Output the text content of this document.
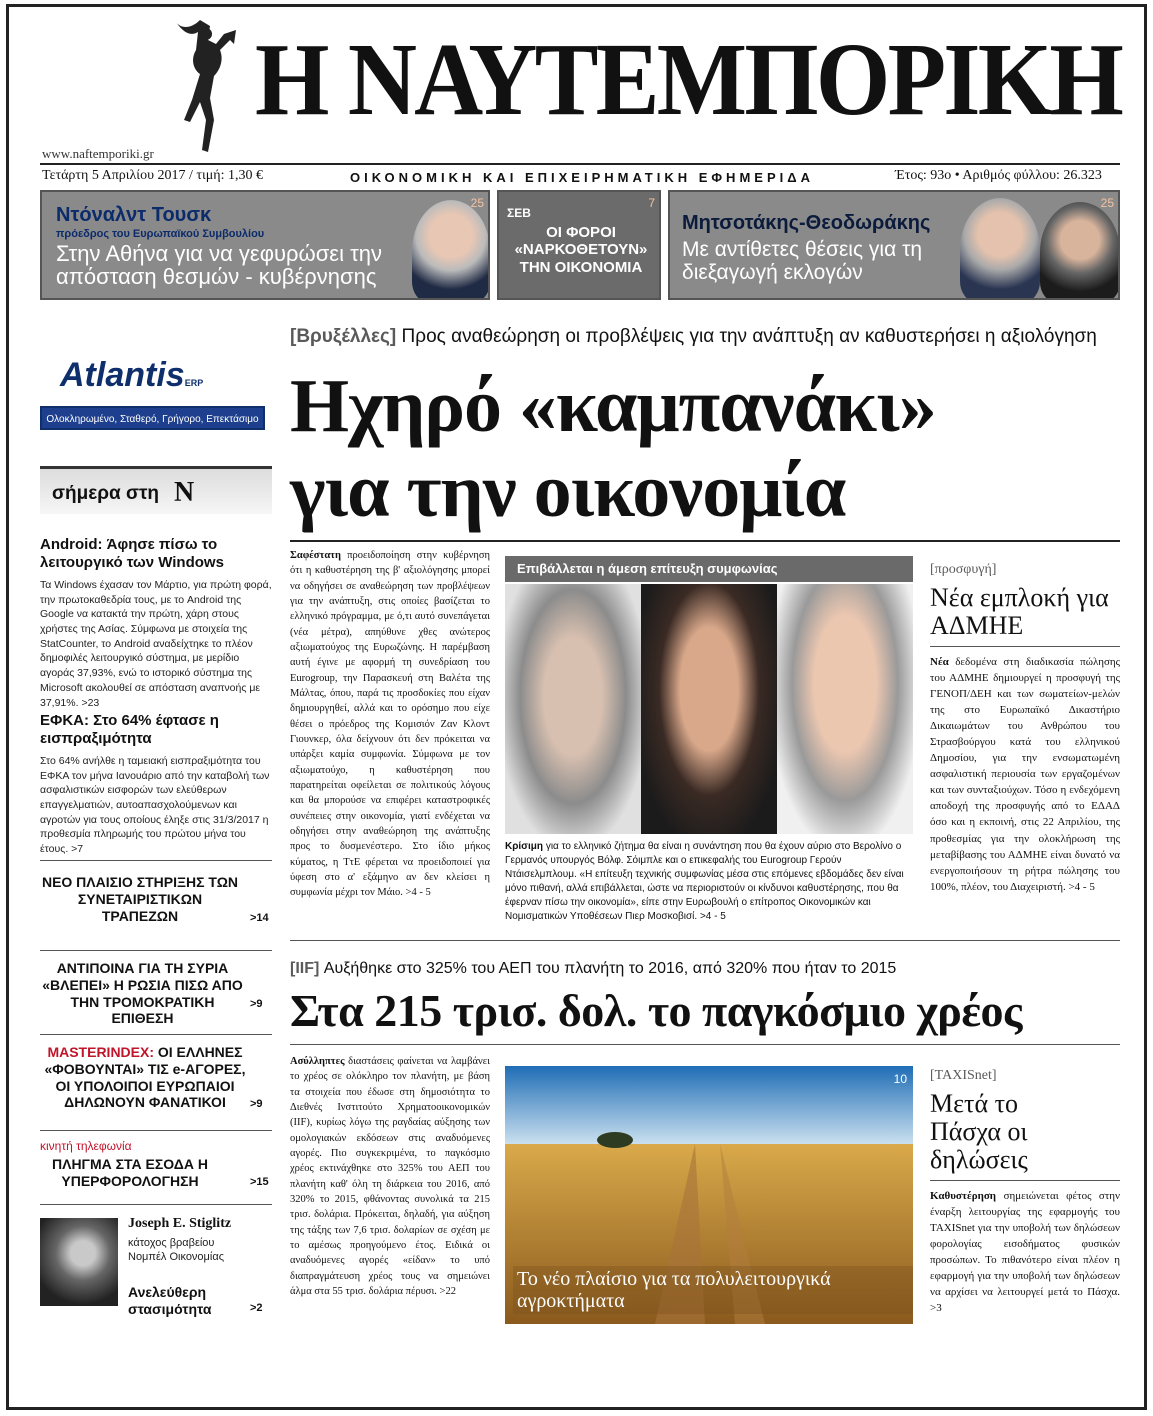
Η ΝΑΥΤΕΜΠΟΡΙΚΗ
www.naftemporiki.gr
Τετάρτη 5 Απριλίου 2017 / τιμή: 1,30 €	ΟΙΚΟΝΟΜΙΚΗ ΚΑΙ ΕΠΙΧΕΙΡΗΜΑΤΙΚΗ ΕΦΗΜΕΡΙΔΑ	Έτος: 93ο • Αριθμός φύλλου: 26.323
Ντόναλντ Τουσκ
πρόεδρος του Ευρωπαϊκού Συμβουλίου
Στην Αθήνα για να γεφυρώσει την απόσταση θεσμών - κυβέρνησης
25
ΣΕΒ
ΟΙ ΦΟΡΟΙ «ΝΑΡΚΟΘΕΤΟΥΝ» ΤΗΝ ΟΙΚΟΝΟΜΙΑ
7
Μητσοτάκης-Θεοδωράκης
Με αντίθετες θέσεις για τη διεξαγωγή εκλογών
25
AtlantisERP
Ολοκληρωμένο, Σταθερό, Γρήγορο, Επεκτάσιμο
σήμερα στη Ν
Android: Άφησε πίσω το λειτουργικό των Windows
Τα Windows έχασαν τον Μάρτιο, για πρώτη φορά, την πρωτοκαθεδρία τους, με το Android της Google να κατακτά την πρώτη, χάρη στους χρήστες της Ασίας. Σύμφωνα με στοιχεία της StatCounter, το Android αναδείχτηκε το πλέον δημοφιλές λειτουργικό σύστημα, με μερίδιο αγοράς 37,93%, ενώ το ιστορικό σύστημα της Microsoft ακολουθεί σε απόσταση αναπνοής με 37,91%. >23
ΕΦΚΑ: Στο 64% έφτασε η εισπραξιμότητα
Στο 64% ανήλθε η ταμειακή εισπραξιμότητα του ΕΦΚΑ τον μήνα Ιανουάριο από την καταβολή των ασφαλιστικών εισφορών των ελεύθερων επαγγελματιών, αυτοαπασχολούμενων και αγροτών για τους οποίους έληξε στις 31/3/2017 η προθεσμία πληρωμής του πρώτου μήνα του έτους. >7
ΝΕΟ ΠΛΑΙΣΙΟ ΣΤΗΡΙΞΗΣ ΤΩΝ ΣΥΝΕΤΑΙΡΙΣΤΙΚΩΝ ΤΡΑΠΕΖΩΝ	>14
ΑΝΤΙΠΟΙΝΑ ΓΙΑ ΤΗ ΣΥΡΙΑ «ΒΛΕΠΕΙ» Η ΡΩΣΙΑ ΠΙΣΩ ΑΠΟ ΤΗΝ ΤΡΟΜΟΚΡΑΤΙΚΗ ΕΠΙΘΕΣΗ
>9
MASTERINDEX: ΟΙ ΕΛΛΗΝΕΣ «ΦΟΒΟΥΝΤΑΙ» ΤΙΣ e-ΑΓΟΡΕΣ, ΟΙ ΥΠΟΛΟΙΠΟΙ ΕΥΡΩΠΑΙΟΙ ΔΗΛΩΝΟΥΝ ΦΑΝΑΤΙΚΟΙ	>9
κινητή τηλεφωνία
ΠΛΗΓΜΑ ΣΤΑ ΕΣΟΔΑ Η ΥΠΕΡΦΟΡΟΛΟΓΗΣΗ	>15
Joseph E. Stiglitz
κάτοχος βραβείου Νομπέλ Οικονομίας
Ανελεύθερη στασιμότητα	>2
[Βρυξέλλες] Προς αναθεώρηση οι προβλέψεις για την ανάπτυξη αν καθυστερήσει η αξιολόγηση
Ηχηρό «καμπανάκι»
για την οικονομία
Σαφέστατη προειδοποίηση στην κυβέρνηση ότι η καθυστέρηση της β' αξιολόγησης μπορεί να οδηγήσει σε αναθεώρηση των προβλέψεων για την ανάπτυξη, στις οποίες βασίζεται το ελληνικό πρόγραμμα, με ό,τι αυτό συνεπάγεται (νέα μέτρα), απηύθυνε χθες ανώτερος αξιωματούχος της Ευρωζώνης. Η παρέμβαση αυτή έγινε με αφορμή τη συνεδρίαση του Eurogroup, την Παρασκευή στη Βαλέτα της Μάλτας, όπου, παρά τις προσδοκίες που είχαν δημιουργηθεί, αλλά και το ορόσημο που είχε θέσει ο πρόεδρος της Κομισιόν Ζαν Κλοντ Γιουνκερ, όλα δείχνουν ότι δεν πρόκειται να υπάρξει καμία συμφωνία. Σύμφωνα με τον αξιωματούχο, η καθυστέρηση που παρατηρείται οφείλεται σε πολιτικούς λόγους και θα μπορούσε να επιφέρει καταστροφικές συνέπειες στην οικονομία, γιατί ενδέχεται να οδηγήσει στην αναθεώρηση της ανάπτυξης προς το δυσμενέστερο. Στο ίδιο μήκος κύματος, η ΤτΕ φέρεται να προειδοποιεί για ύφεση στο α' εξάμηνο αν δεν κλείσει η συμφωνία μέχρι τον Μάιο. >4 - 5
Επιβάλλεται η άμεση επίτευξη συμφωνίας
Κρίσιμη για το ελληνικό ζήτημα θα είναι η συνάντηση που θα έχουν αύριο στο Βερολίνο ο Γερμανός υπουργός Βόλφ. Σόιμπλε και ο επικεφαλής του Eurogroup Γερούν Ντάισελμπλουμ. «Η επίτευξη τεχνικής συμφωνίας μέσα στις επόμενες εβδομάδες δεν είναι μόνο πιθανή, αλλά επιβάλλεται, ώστε να περιοριστούν οι κίνδυνοι καθυστέρησης, που θα έφερναν πίσω την οικονομία», είπε στην Ευρωβουλή ο επίτροπος Οικονομικών και Νομισματικών Υποθέσεων Πιερ Μοσκοβισί. >4 - 5
[IIF] Αυξήθηκε στο 325% του ΑΕΠ του πλανήτη το 2016, από 320% που ήταν το 2015
Στα 215 τρισ. δολ. το παγκόσμιο χρέος
Ασύλληπτες διαστάσεις φαίνεται να λαμβάνει το χρέος σε ολόκληρο τον πλανήτη, με βάση τα στοιχεία που έδωσε στη δημοσιότητα το Διεθνές Ινστιτούτο Χρηματοοικονομικών (IIF), κυρίως λόγω της ραγδαίας αύξησης των ομολογιακών εκδόσεων στις αναδυόμενες αγορές. Πιο συγκεκριμένα, το παγκόσμιο χρέος εκτινάχθηκε στο 325% του ΑΕΠ του πλανήτη καθ' όλη τη διάρκεια του 2016, από 320% το 2015, φθάνοντας συνολικά τα 215 τρισ. δολάρια. Πρόκειται, δηλαδή, για αύξηση της τάξης των 7,6 τρισ. δολαρίων σε σχέση με το αμέσως προηγούμενο έτος. Ειδικά οι αναδυόμενες αγορές «είδαν» το υπό διαπραγμάτευση χρέος τους να σημειώνει άλμα στα 55 τρισ. δολάρια πέρυσι. >22
Το νέο πλαίσιο για τα πολυλειτουργικά αγροκτήματα
10
[προσφυγή]
Νέα εμπλοκή για ΑΔΜΗΕ
Νέα δεδομένα στη διαδικασία πώλησης του ΑΔΜΗΕ δημιουργεί η προσφυγή της ΓΕΝΟΠ/ΔΕΗ και των σωματείων-μελών της στο Ευρωπαϊκό Δικαστήριο Δικαιωμάτων του Ανθρώπου του Στρασβούργου κατά του ελληνικού Δημοσίου, για την ενσωματωμένη ασφαλιστική περιουσία των εργαζομένων και των συνταξιούχων. Τόσο η ενδεχόμενη αποδοχή της προσφυγής από το ΕΔΑΔ όσο και η εκποινή, στις 22 Απριλίου, της προθεσμίας για την ολοκλήρωση της μεταβίβασης του ΑΔΜΗΕ είναι δυνατό να ενεργοποιήσουν τη ρήτρα πώλησης του 100%, πλέον, του Διαχειριστή. >4 - 5
[TAXISnet]
Μετά το Πάσχα οι δηλώσεις
Καθυστέρηση σημειώνεται φέτος στην έναρξη λειτουργίας της εφαρμογής του TAXISnet για την υποβολή των δηλώσεων φορολογίας εισοδήματος φυσικών προσώπων. Το πιθανότερο είναι πλέον η εφαρμογή για την υποβολή των δηλώσεων να αρχίσει να λειτουργεί μετά το Πάσχα. >3
